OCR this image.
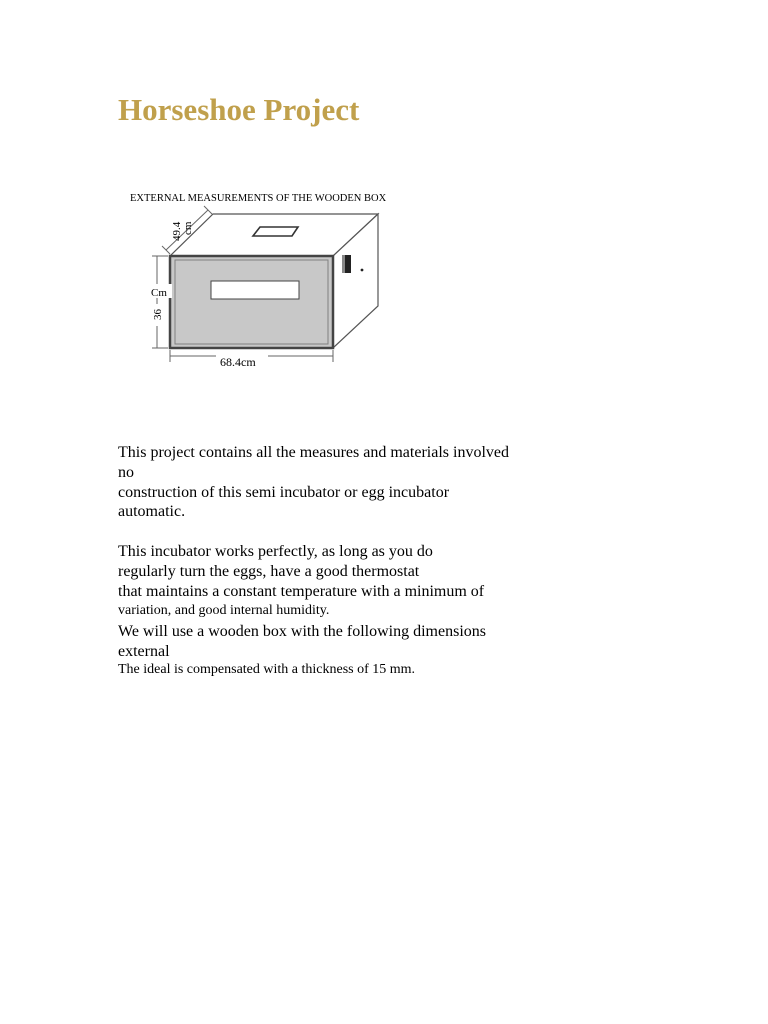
Horseshoe Project
EXTERNAL MEASUREMENTS OF THE WOODEN BOX
49.4 cm
Cm
36
68.4cm

This project contains all the measures and materials involved

no

construction of this semi incubator or egg incubator

automatic.

This incubator works perfectly, as long as you do

regularly turn the eggs, have a good thermostat

that maintains a constant temperature with a minimum of

variation, and good internal humidity.

We will use a wooden box with the following dimensions

external

The ideal is compensated with a thickness of 15 mm.
